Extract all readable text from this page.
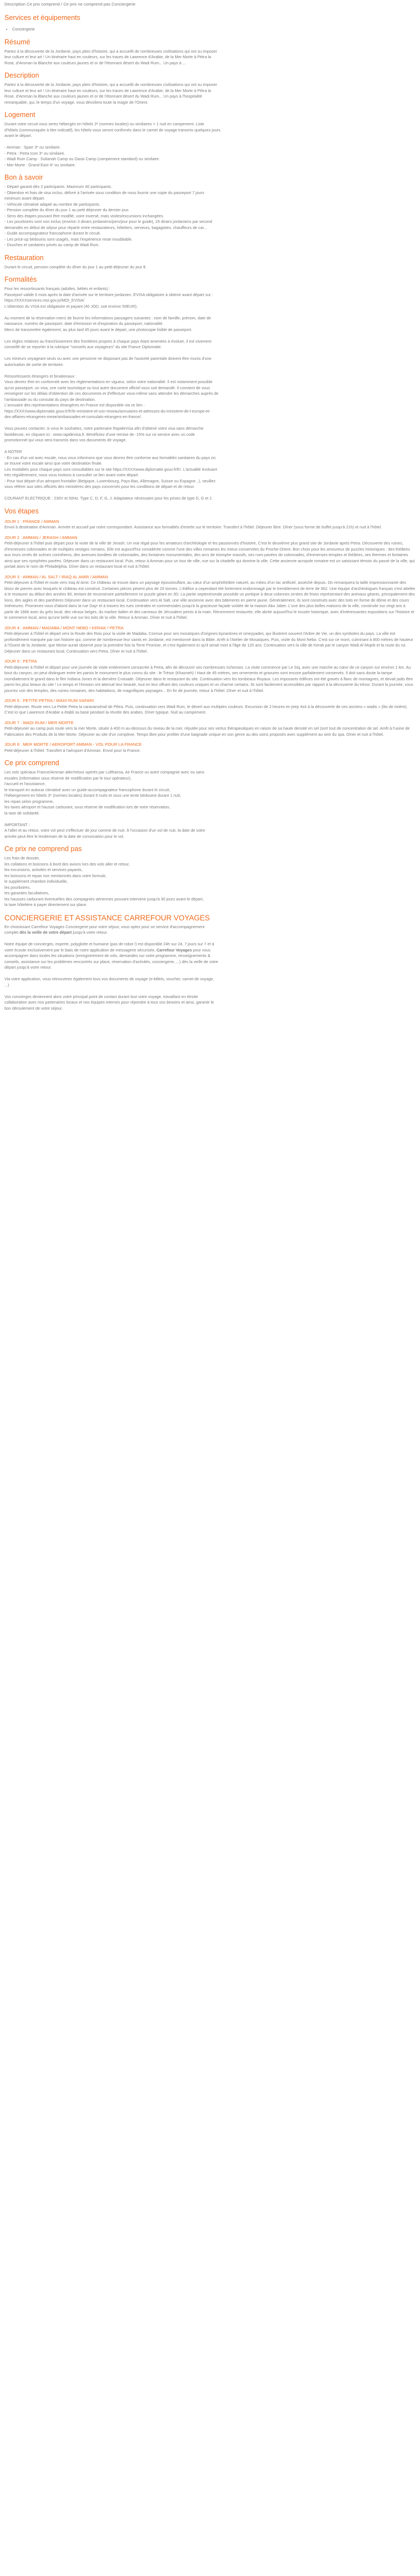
Description Ce prix comprend / Ce prix ne comprend pas Conciergerie
Services et équipements
• Conciergerie
Résumé

Partez à la découverte de la Jordanie, pays plein d'histoire, qui a accueilli de nombreuses civilisations qui ont su imposer
leur culture et leur art ! Un itinéraire haut en couleurs, sur les traces de Lawrence d'Arabie, de la Mer Morte à Pétra la
Rose, d'Amman la Blanche aux couleurs jaunes et or de l'étonnant désert du Wadi Rum... Un pays à ...

Description

Partez à la découverte de la Jordanie, pays plein d'histoire, qui a accueilli de nombreuses civilisations qui ont su imposer
leur culture et leur art ! Un itinéraire haut en couleurs, sur les traces de Lawrence d'Arabie, de la Mer Morte à Pétra la
Rose, d'Amman la Blanche aux couleurs jaunes et or de l'étonnant désert du Wadi Rum... Un pays à l'hospitalité
remarquable, qui, le temps d'un voyage, vous dévoilera toute la magie de l'Orient.

Logement

Durant votre circuit vous serez hébergés en hôtels 3* (normes locales) ou similaires = 1 nuit en campement. Liste
d'hôtels (communiquée à titre indicatif), les hôtels vous seront confirmés dans le carnet de voyage transmis quelques jours
avant le départ.
- Amman : Sparr 3* ou similaire.
- Petra : Petra Icon 3* ou similaire.
- Wadi Rum Camp : Sultanah Camp ou Oasis Camp (campement standard) ou similaire.
- Mer Morte : Grand East 4* ou similaire.

Bon à savoir

- Départ garanti dès 2 participants. Maximum 40 participants.
- Obtention et frais de visa inclus, délivré à l'arrivée sous condition de nous fournir une copie du passeport 7 jours
minimum avant départ.
- Véhicule climatisé adapté au nombre de participants.
- Pension complète du dîner du jour 1 au petit déjeuner du dernier jour.
- Sens des étapes pouvant être modifié, voire inversé, mais visites/excursions inchangées.
- Les pourboires sont non inclus (environ 3 dinars jordaniens/pers/jour pour le guide), 25 dinars jordaniens par second
demandés en début de séjour pour répartir entre restaurateurs, hôteliers, serveurs, bagagistes, chauffeurs de car...
- Guide accompagnateur francophone durant le circuit.
- Les prick-up bédouins sont usagés, mais l'expérience reste inoubliable.
- Douches et sanitaires privés au camp de Wadi Rum.

Restauration

Durant le circuit, pension complète du dîner du jour 1 au petit-déjeuner du jour 8.

Formalités

Pour les ressortissants français (adultes, bébés et enfants) :
Passeport valide 6 mois après la date d'arrivée sur le territoire jordanien. EVISA obligatoire à obtenir avant départ sur :
https://XXXXservices.moi.gov.jo/MOI_EVISA/
L'obtention du VISA est obligatoire et payant (40 JOD, soit environ 50EUR).
Au moment de la réservation merci de fournir les informations passagers suivantes : nom de famille, prénom, date de
naissance, numéro de passeport, date d'émission et d'expiration du passeport, nationalité.
Merci de transmettre également, au plus tard 45 jours avant le départ, une photocopie lisible de passeport.
Les règles relatives au franchissement des frontières propres à chaque pays étant amenées à évoluer, il est vivement
conseillé de se reporter à la rubrique "conseils aux voyageurs" du site France Diplomatie.
Les mineurs voyageant seuls ou avec une personne ne disposant pas de l'autorité parentale doivent être munis d'une
autorisation de sortie de territoire.
Ressortissants étrangers et binationaux :
Vous devrez être en conformité avec les réglementations en vigueur, selon votre nationalité. Il est notamment possible
qu'un passeport, un visa, une carte touristique ou tout autre document officiel vous soit demandé. Il convient de vous
renseigner sur les délais d'obtention de ces documents et d'effectuer vous-même sans attendre les démarches auprès de
l'ambassade ou du consulat du pays de destination.
L'annuaire des représentations étrangères en France est disponible via ce lien :
https://XXXXwww.diplomatie.gouv.fr/fr/le-ministere-et-son-reseau/annuaires-et-adresses-du-ministere-de-l-europe-et-
des-affaires-etrangeres-meae/ambassades-et-consulats-etrangers-en-france/.
Vous pouvez contacter, si vous le souhaitez, notre partenaire RapideVisa afin d'obtenir votre visa sans démarche
fastidieuse, en cliquant ici : www.rapidevisa.fr. Bénéficiez d'une remise de -15% sur ce service avec un code
promotionnel qui vous sera transmis dans vos documents de voyage.
A NOTER
- En cas d'un vol avec escale, nous vous informons que vous devrez être conforme aux formalités sanitaires du pays où
se trouve votre escale ainsi que votre destination finale.
Les modalités pour chaque pays sont consultables sur le site https://XXXXwww.diplomatie.gouv.fr/fr/. L'actualité évoluant
très régulièrement, nous vous invitons à consulter ce lien avant votre départ.
- Pour tout départ d'un aéroport frontalier (Belgique, Luxembourg, Pays-Bas, Allemagne, Suisse ou Espagne...), veuillez
vous référer aux sites officiels des ministères des pays concernés pour les conditions de départ et de retour.
COURANT ELECTRIQUE : 230V et 50Hz. Type C, D, F, G, J. Adaptateur nécessaire pour les prises de type D, G et J.

Vos étapes
JOUR 1 : FRANCE / AMMAN
Envol à destination d'Amman. Arrivée et accueil par notre correspondant. Assistance aux formalités d'entrée sur le territoire. Transfert à l'hôtel. Déjeuner libre. Dîner (sous forme de buffet jusqu'à 21h) et nuit à l'hôtel.
JOUR 2 : AMMAN / JERASH / AMMAN
Petit-déjeuner à l'hôtel puis départ pour la visite de la ville de Jerash. Un vrai régal pour les amateurs d'archéologie et les passionnés d'histoire, C'est le deuxième plus grand site de Jordanie après Petra. Découverte des ruines, d'immenses colonnades et de multiples vestiges romains. Elle est aujourd'hui considérée comme l'une des villes romaines les mieux conservées du Proche-Orient. Bon choix pour les amoureux de puzzles historiques : des théâtres aux murs ornés de scènes corinthiens, des avenues bordées de colonnades, des fontaines monumentales, des arcs de triomphe massifs, ses rues pavées de colonnades, d'immenses temples et théâtres, ses thermes et fontaines ainsi que ses nymphées pavées. Déjeuner dans un restaurant local. Puis, retour à Amman pour un tour de ville, vue sur la citadelle qui domine la ville. Cette ancienne acropole romaine est un saisissant témoin du passé de la ville, qui portait alors le nom de Philadelphia. Dîner dans un restaurant local et nuit à l'hôtel.
JOUR 3 : AMMAN / AL SALT / IRAQ AL AMIR / AMMAN
Petit-déjeuner à l'hôtel et route vers Iraq Al Amir. Ce château se trouve dans un paysage époustouflant, au cœur d'un amphithéâtre naturel, au milieu d'un lac artificiel, asséché depuis. On remarquera la taille impressionnante des blocs de pierres avec lesquels le château est construit. Certaines pièces pèsent plus de 20 tonnes. L'édifice a cependant été fortement endommagé par le tremblement de terre de 362. Une équipe d'archéologues français s'est attelée à le restaurer au début des années 80, tentant de reconstruire partiellement ce puzzle géant en 3D. La partie septentrionale possède un portique à deux colonnes ornées de frises représentant des animaux géants, principalement des lions, des aigles et des panthères Déjeuner dans un restaurant local. Continuation vers Al Salt, une ville ancienne avec des bâtiments en pierre jaune. Généralement, ils sont construits avec des toits en forme de dôme et des cours intérieures. Promenez-vous d'abord dans la rue Dayr et à travers les rues centrales et commerciales jusqu'à la gracieuse façade voûtée de la maison Abu Jaber. L'une des plus belles maisons de la ville, construite sur vingt ans à partir de 1886 avec du grès local, des vitraux belges, du marbre italien et des carreaux de Jérusalem peints à la main. Récemment restaurée, elle abrite aujourd'hui le musée historique, avec d'intéressantes expositions sur l'histoire et le commerce local, ainsi qu'une belle vue sur les toits de la ville. Retour à Amman. Dîner et nuit à l'hôtel.
JOUR 4 : AMMAN / MADABA / MONT NEBO / KERAK / PETRA
Petit-déjeuner à l'hôtel et départ vers la Route des Rois pour la visite de Madaba. Connue pour ses mosaïques d'origines byzantines et omeyyades, qui illustrent souvent l'Arbre de Vie, un des symboles du pays. La ville est profondément marquée par son histoire qui, comme de nombreuse leur saints en Jordanie, est mentionné dans la Bible. Arrêt à l'Atelier de Mosaïques. Puis, visite du Mont Nebo. C'est sur ce mont, culminant à 800 mètres de hauteur à l'Ouest de la Jordanie, que Moïse aurait observé pour la première fois la Terre Promise, et c'est également ici qu'il serait mort à l'âge de 120 ans. Continuation vers la ville de Kerak par le canyon Wadi Al Mojeb et la route du roi. Déjeuner dans un restaurant local. Continuation vers Petra. Dîner et nuit à l'hôtel.
JOUR 5 : PETRA
Petit-déjeuner à l'hôtel et départ pour une journée de visite entièrement consacrée à Petra, afin de découvrir ses nombreuses richesses. La visite commence par Le Siq, avec une marche au cœur de ce canyon sur environ 1 km. Au bout du canyon, on peut distinguer entre les parois le monument le plus connu du site : le Trésor (Khazneh) ! Haut de 45 mètres, ses ornements et gravures sont encore parfaitement conservés. Il doit sans doute la tampe mondialement le grand dans le film Indiana Jones et la dernière Croisade. Déjeuner dans le restaurant du site. Continuation vers les tombeaux Royaux. Les imposants édifices ont été gravés à flanc de montagnes, et devait jadis être parmi les plus beaux du site ! Le temps et l'érosion ont attenué leur beauté, tout en leur offrant des couleurs uniques et un charme certains. Ils sont facilement accessibles par rapport à la découverte du trésor. Durant la journée, vous pourrez voir des temples, des ruines romaines, des habitations, de magnifiques paysages... En fin de journée, retour à l'hôtel. Dîner et nuit à l'hôtel.
JOUR 6 : PETITE PETRA / WADI RUM SAFARI
Petit-déjeuner. Route vers La Petite Petra la caravansérail de Pétra. Puis, continuation vers Wadi Rum, le désert aux multiples couleurs. Excursion de 2 heures en jeep 4x4 à la découverte de ces anciens « wadis » (lits de rivière). C'est ici que Lawrence d'Arabie a établi sa base pendant la révolte des arabes. Dîner typique. Nuit au campement.
JOUR 7 : WADI RUM / MER MORTE
Petit-déjeuner au camp puis route vers la mer Morte, située à 400 m au-dessous du niveau de la mer, réputée pour ses vertus thérapeutiques en raison de sa haute densité en sel (sort tout de concentration de sel. Arrêt à l'usine de Fabrication des Produits de la Mer Morte. Déjeuner au site d'un complexe. Temps libre pour profiter d'une baignade unique en son genre au des soins proposés avec supplément au sein du spa. Dîner et nuit à l'hôtel.
JOUR 8 : MER MORTE / AEROPORT AMMAN - VOL POUR LA FRANCE
Petit-déjeuner à l'hôtel. Transfert à l'aéroport d'Amman. Envol pour la France.
Ce prix comprend

Les vols spéciaux France/Amman aller/retour opérés par Lufthansa, Air France ou autre compagnie avec ou sans
escales (information sous réserve de modification par le tour opérateur).
l'accueil et l'assistance,
le transport en autocar climatisé avec un guide-accompagnateur francophone durant le circuit,
l'hébergement en hôtels 3* (normes locales) durant 6 nuits et sous une tente bédouine durant 1 nuit,
les repas selon programme,
les taxes aéroport et hausse carburant, sous réserve de modification lors de votre réservation,
la taxe de solidarité.
IMPORTANT :
A l'aller et au retour, votre vol peut s'effectuer de jour comme de nuit. À l'occasion d'un vol de nuit, la date de votre
arrivée peut être le lendemain de la date de convocation pour le vol.

Ce prix ne comprend pas

Les frais de dossier,
les collations et boissons à bord des avions lors des vols aller et retour,
les excursions, activités et services payants,
les boissons et repas non mentionnés dans votre formule,
le supplément chambre individuelle,
les pourboires,
les garanties facultatives,
les hausses carburant éventuelles des compagnies aériennes pouvant intervenir jusqu'à 30 jours avant le départ,
la taxe hôtelière à payer directement sur place.

CONCIERGERIE ET ASSISTANCE CARREFOUR VOYAGES

En choisissant Carrefour Voyages Conciergerie pour votre séjour, vous optez pour un service d'accompagnement
complet dès la veille de votre départ jusqu'à votre retour.
Notre équipe de concierges, experte, polyglotte et humaine (pas de robot !) est disponible 24h sur 24, 7 jours sur 7 et à
votre écoute exclusivement par le biais de notre application de messagerie sécurisée, Carrefour Voyages pour vous
accompagner dans toutes les situations (enregistrement de vols, demandes sur votre programme, renseignements &
conseils, assistance sur les problèmes rencontrés sur place, réservation d'activités, conciergerie, ...) dès la veille de votre
départ jusqu'à votre retour.
Via votre application, vous retrouverez également tous vos documents de voyage (e-billets, voucher, carnet de voyage,
...)
Vos concierges deviennent alors votre principal point de contact durant tout votre voyage, travaillant en étroite
collaboration avec nos partenaires locaux et nos équipes internes pour répondre à tous vos besoins et ainsi, garantir le
bon déroulement de votre séjour.
